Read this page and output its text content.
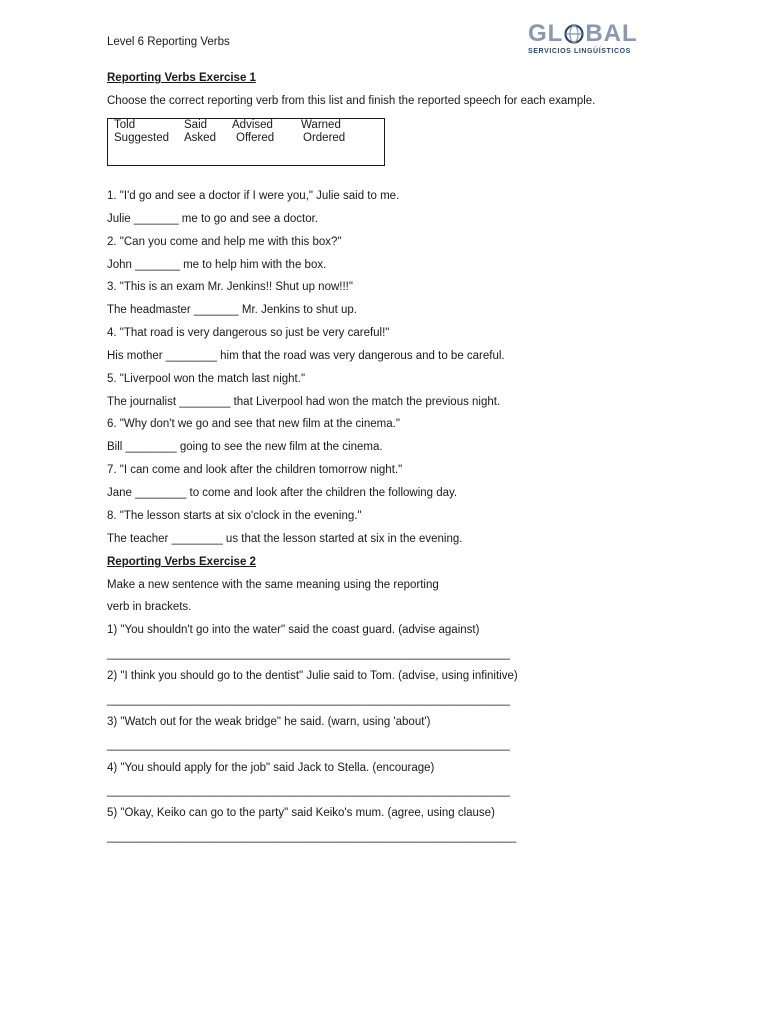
Level 6 Reporting Verbs	GL BAL
SERVICIOS LINGÜÍSTICOS
Reporting Verbs Exercise 1
Choose the correct reporting verb from this list and finish the reported speech for each example.
Told	Said Advised Warned
Suggested Asked Offered	Ordered
1. "I'd go and see a doctor if I were you," Julie said to me.
Julie _______ me to go and see a doctor.
2. "Can you come and help me with this box?"
John _______ me to help him with the box.
3. "This is an exam Mr. Jenkins!! Shut up now!!!"
The headmaster _______ Mr. Jenkins to shut up.
4. "That road is very dangerous so just be very careful!"
His mother ________ him that the road was very dangerous and to be careful.
5. "Liverpool won the match last night."
The journalist ________ that Liverpool had won the match the previous night.
6. "Why don't we go and see that new film at the cinema."
Bill ________ going to see the new film at the cinema.
7. "I can come and look after the children tomorrow night."
Jane ________ to come and look after the children the following day.
8. "The lesson starts at six o'clock in the evening."
The teacher ________ us that the lesson started at six in the evening.
Reporting Verbs Exercise 2
Make a new sentence with the same meaning using the reporting
verb in brackets.
1) "You shouldn't go into the water" said the coast guard. (advise against)
_______________________________________________________________
2) "I think you should go to the dentist" Julie said to Tom. (advise, using infinitive)
_______________________________________________________________
3) "Watch out for the weak bridge" he said. (warn, using 'about')
_______________________________________________________________
4) "You should apply for the job" said Jack to Stella. (encourage)
_______________________________________________________________
5) "Okay, Keiko can go to the party" said Keiko's mum. (agree, using clause)
________________________________________________________________
